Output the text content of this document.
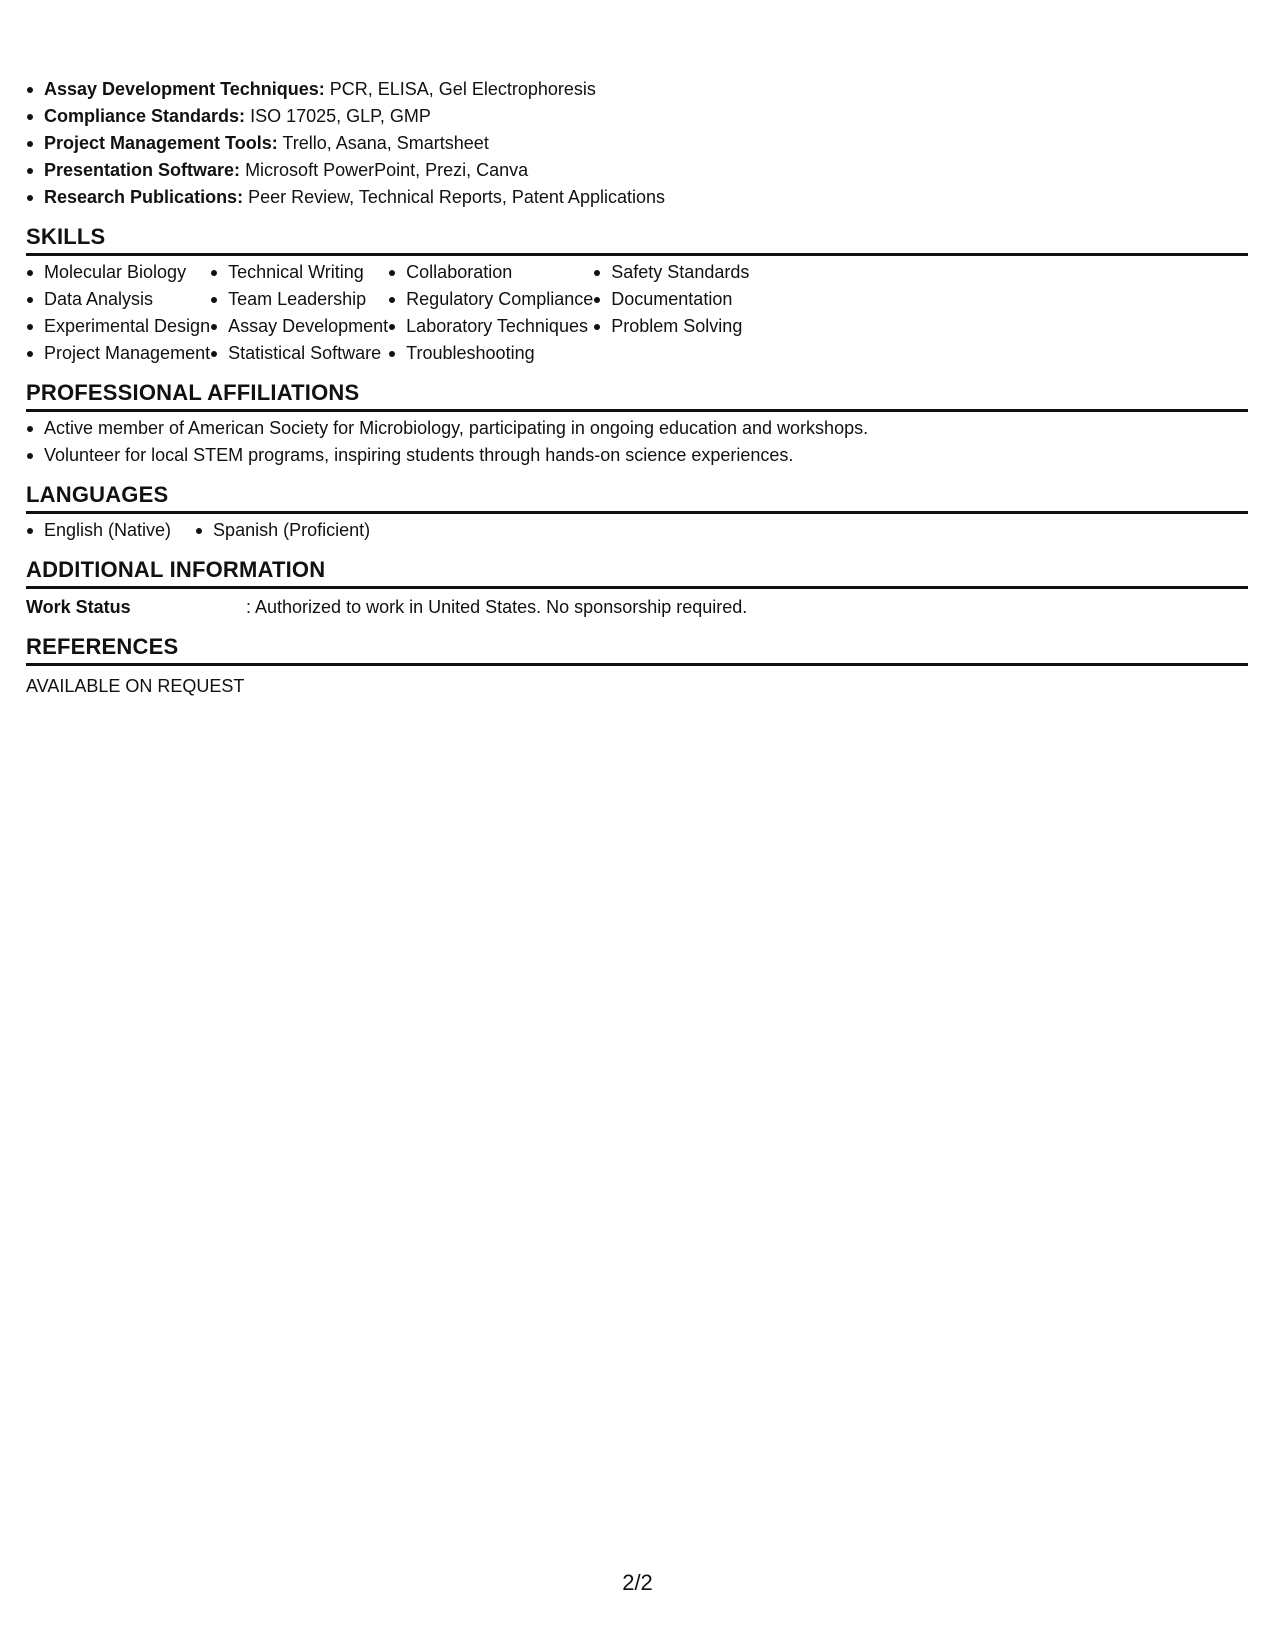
Assay Development Techniques: PCR, ELISA, Gel Electrophoresis
Compliance Standards: ISO 17025, GLP, GMP
Project Management Tools: Trello, Asana, Smartsheet
Presentation Software: Microsoft PowerPoint, Prezi, Canva
Research Publications: Peer Review, Technical Reports, Patent Applications
SKILLS
Molecular Biology
Data Analysis
Experimental Design
Project Management
Technical Writing
Team Leadership
Assay Development
Statistical Software
Collaboration
Regulatory Compliance
Laboratory Techniques
Troubleshooting
Safety Standards
Documentation
Problem Solving
PROFESSIONAL AFFILIATIONS
Active member of American Society for Microbiology, participating in ongoing education and workshops.
Volunteer for local STEM programs, inspiring students through hands-on science experiences.
LANGUAGES
English (Native)	Spanish (Proficient)
ADDITIONAL INFORMATION
Work Status	: Authorized to work in United States. No sponsorship required.
REFERENCES
AVAILABLE ON REQUEST
2/2
